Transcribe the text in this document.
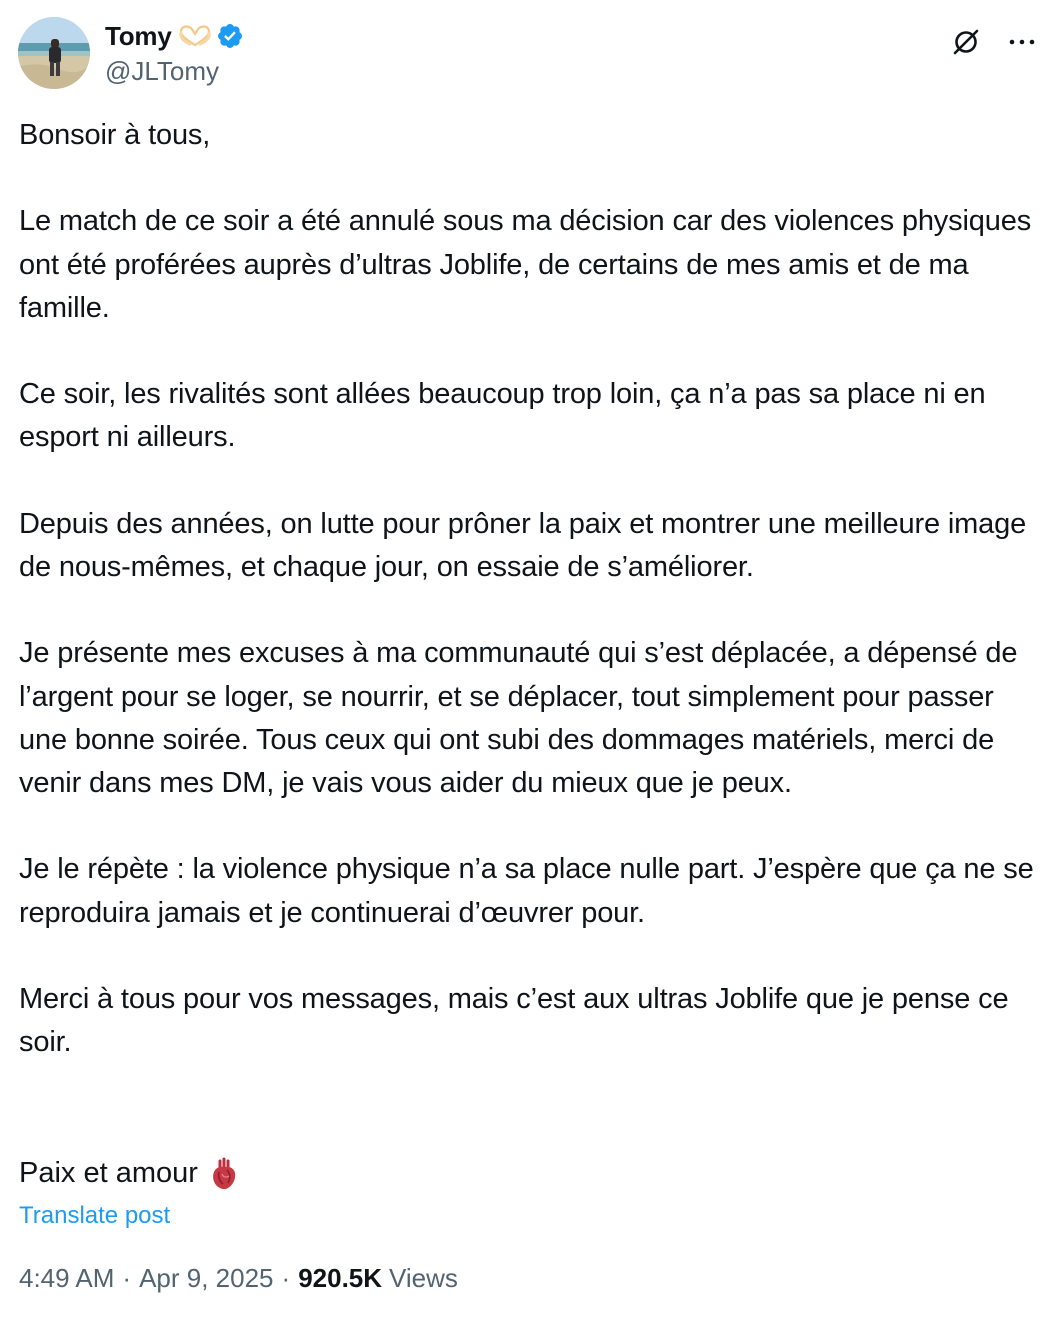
Tomy
@JLTomy
Bonsoir à tous,

Le match de ce soir a été annulé sous ma décision car des violences physiques ont été proférées auprès d’ultras Joblife, de certains de mes amis et de ma famille.

Ce soir, les rivalités sont allées beaucoup trop loin, ça n’a pas sa place ni en esport ni ailleurs.

Depuis des années, on lutte pour prôner la paix et montrer une meilleure image de nous-mêmes, et chaque jour, on essaie de s’améliorer.

Je présente mes excuses à ma communauté qui s’est déplacée, a dépensé de l’argent pour se loger, se nourrir, et se déplacer, tout simplement pour passer une bonne soirée. Tous ceux qui ont subi des dommages matériels, merci de venir dans mes DM, je vais vous aider du mieux que je peux.

Je le répète : la violence physique n’a sa place nulle part. J’espère que ça ne se reproduira jamais et je continuerai d’œuvrer pour.

Merci à tous pour vos messages, mais c’est aux ultras Joblife que je pense ce soir.
Paix et amour
Translate post
4:49 AM · Apr 9, 2025 · 920.5K Views
